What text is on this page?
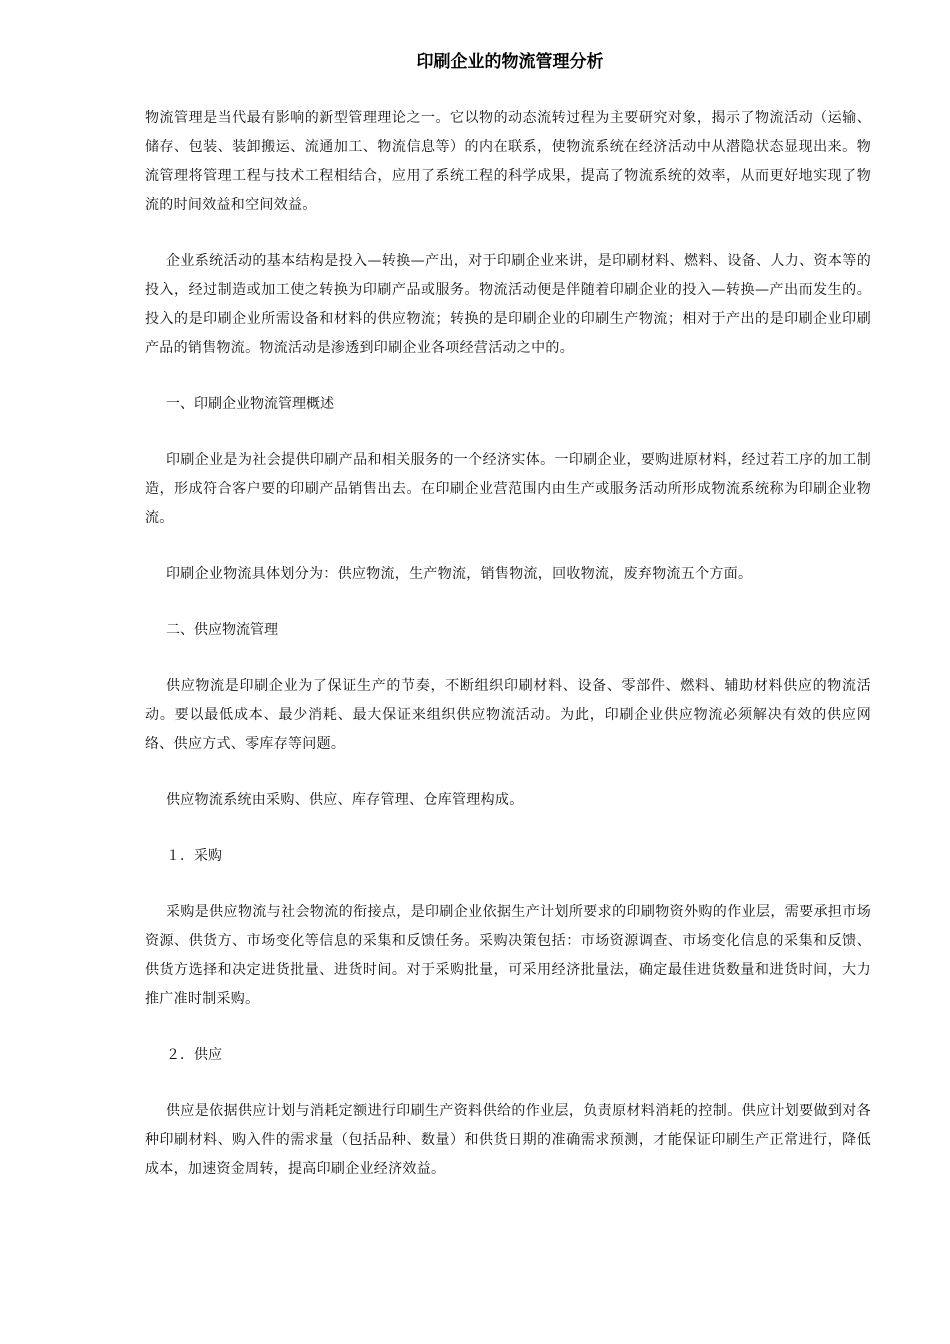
印刷企业的物流管理分析

物流管理是当代最有影响的新型管理理论之一。它以物的动态流转过程为主要研究对象，揭示了物流活动（运输、储存、包装、装卸搬运、流通加工、物流信息等）的内在联系，使物流系统在经济活动中从潜隐状态显现出来。物流管理将管理工程与技术工程相结合，应用了系统工程的科学成果，提高了物流系统的效率，从而更好地实现了物流的时间效益和空间效益。

企业系统活动的基本结构是投入—转换—产出，对于印刷企业来讲，是印刷材料、燃料、设备、人力、资本等的投入，经过制造或加工使之转换为印刷产品或服务。物流活动便是伴随着印刷企业的投入—转换—产出而发生的。投入的是印刷企业所需设备和材料的供应物流；转换的是印刷企业的印刷生产物流；相对于产出的是印刷企业印刷产品的销售物流。物流活动是渗透到印刷企业各项经营活动之中的。

一、印刷企业物流管理概述

印刷企业是为社会提供印刷产品和相关服务的一个经济实体。一印刷企业，要购进原材料，经过若工序的加工制造，形成符合客户要的印刷产品销售出去。在印刷企业营范围内由生产或服务活动所形成物流系统称为印刷企业物流。

印刷企业物流具体划分为：供应物流，生产物流，销售物流，回收物流，废弃物流五个方面。

二、供应物流管理

供应物流是印刷企业为了保证生产的节奏，不断组织印刷材料、设备、零部件、燃料、辅助材料供应的物流活动。要以最低成本、最少消耗、最大保证来组织供应物流活动。为此，印刷企业供应物流必须解决有效的供应网络、供应方式、零库存等问题。

供应物流系统由采购、供应、库存管理、仓库管理构成。

１．采购

采购是供应物流与社会物流的衔接点，是印刷企业依据生产计划所要求的印刷物资外购的作业层，需要承担市场资源、供货方、市场变化等信息的采集和反馈任务。采购决策包括：市场资源调查、市场变化信息的采集和反馈、供货方选择和决定进货批量、进货时间。对于采购批量，可采用经济批量法，确定最佳进货数量和进货时间，大力推广准时制采购。

２．供应

供应是依据供应计划与消耗定额进行印刷生产资料供给的作业层，负责原材料消耗的控制。供应计划要做到对各种印刷材料、购入件的需求量（包括品种、数量）和供货日期的准确需求预测，才能保证印刷生产正常进行，降低成本，加速资金周转，提高印刷企业经济效益。
